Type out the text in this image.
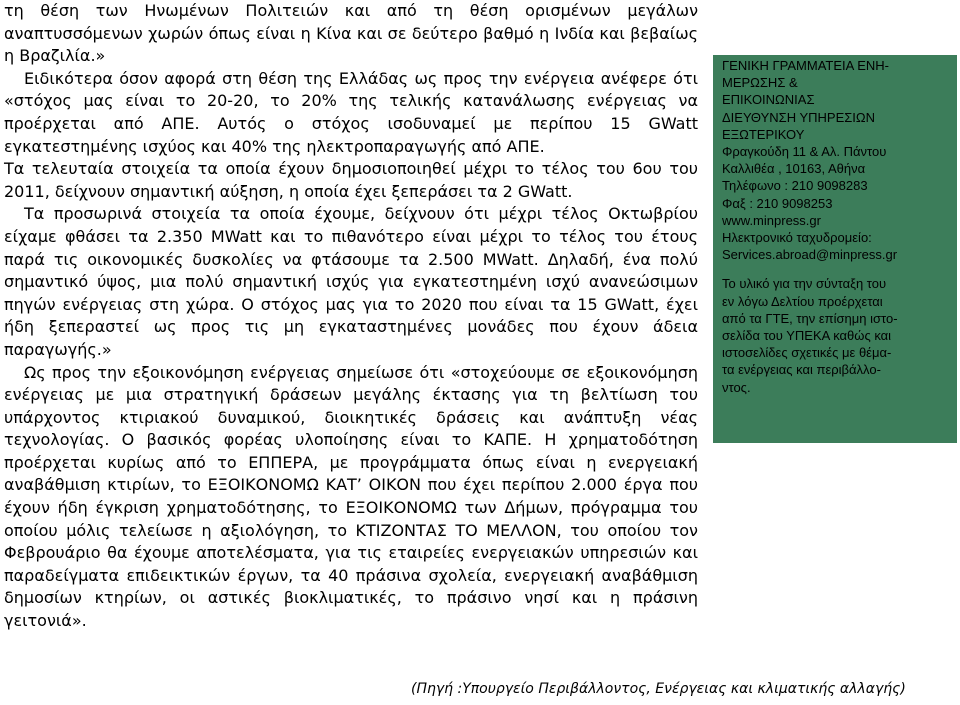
τη θέση των Ηνωμένων Πολιτειών και από τη θέση ορισμένων μεγάλων αναπτυσσόμενων χωρών όπως είναι η Κίνα και σε δεύτερο βαθμό η Ινδία και βεβαίως η Βραζιλία.»

Ειδικότερα όσον αφορά στη θέση της Ελλάδας ως προς την ενέργεια ανέφερε ότι «στόχος μας είναι το 20-20, το 20% της τελικής κατανάλωσης ενέργειας να προέρχεται από ΑΠΕ. Αυτός ο στόχος ισοδυναμεί με περίπου 15 GWatt εγκατεστημένης ισχύος και 40% της ηλεκτροπαραγωγής από ΑΠΕ.

Τα τελευταία στοιχεία τα οποία έχουν δημοσιοποιηθεί μέχρι το τέλος του 6ου του 2011, δείχνουν σημαντική αύξηση, η οποία έχει ξεπεράσει τα 2 GWatt.

Τα προσωρινά στοιχεία τα οποία έχουμε, δείχνουν ότι μέχρι τέλος Οκτωβρίου είχαμε φθάσει τα 2.350 MWatt και το πιθανότερο είναι μέχρι το τέλος του έτους παρά τις οικονομικές δυσκολίες να φτάσουμε τα 2.500 MWatt. Δηλαδή, ένα πολύ σημαντικό ύψος, μια πολύ σημαντική ισχύς για εγκατεστημένη ισχύ ανανεώσιμων πηγών ενέργειας στη χώρα. Ο στόχος μας για το 2020 που είναι τα 15 GWatt, έχει ήδη ξεπεραστεί ως προς τις μη εγκαταστημένες μονάδες που έχουν άδεια παραγωγής.»

Ως προς την εξοικονόμηση ενέργειας σημείωσε ότι «στοχεύουμε σε εξοικονόμηση ενέργειας με μια στρατηγική δράσεων μεγάλης έκτασης για τη βελτίωση του υπάρχοντος κτιριακού δυναμικού, διοικητικές δράσεις και ανάπτυξη νέας τεχνολογίας. Ο βασικός φορέας υλοποίησης είναι το ΚΑΠΕ. Η χρηματοδότηση προέρχεται κυρίως από το ΕΠΠΕΡΑ, με προγράμματα όπως είναι η ενεργειακή αναβάθμιση κτιρίων, το ΕΞΟΙΚΟΝΟΜΩ ΚΑΤ’ ΟΙΚΟΝ που έχει περίπου 2.000 έργα που έχουν ήδη έγκριση χρηματοδότησης, το ΕΞΟΙΚΟΝΟΜΩ των Δήμων, πρόγραμμα του οποίου μόλις τελείωσε η αξιολόγηση, το ΚΤΙΖΟΝΤΑΣ ΤΟ ΜΕΛΛΟΝ, του οποίου τον Φεβρουάριο θα έχουμε αποτελέσματα, για τις εταιρείες ενεργειακών υπηρεσιών και παραδείγματα επιδεικτικών έργων, τα 40 πράσινα σχολεία, ενεργειακή αναβάθμιση δημοσίων κτηρίων, οι αστικές βιοκλιματικές, το πράσινο νησί και η πράσινη γειτονιά».

(Πηγή :Υπουργείο Περιβάλλοντος, Ενέργειας και κλιματικής αλλαγής)
ΓΕΝΙΚΗ ΓΡΑΜΜΑΤΕΙΑ ΕΝΗ-
ΜΕΡΩΣΗΣ &
ΕΠΙΚΟΙΝΩΝΙΑΣ
ΔΙΕΥΘΥΝΣΗ ΥΠΗΡΕΣΙΩΝ
ΕΞΩΤΕΡΙΚΟΥ
Φραγκούδη 11 & Αλ. Πάντου
Καλλιθέα , 10163, Αθήνα
Τηλέφωνο : 210 9098283
Φαξ : 210 9098253
www.minpress.gr
Ηλεκτρονικό ταχυδρομείο:
Services.abroad@minpress.gr
Το υλικό για την σύνταξη του
εν λόγω Δελτίου προέρχεται
από τα ΓΤΕ, την επίσημη ιστο-
σελίδα του ΥΠΕΚΑ καθώς και
ιστοσελίδες σχετικές με θέμα-
τα ενέργειας και περιβάλλο-
ντος.
